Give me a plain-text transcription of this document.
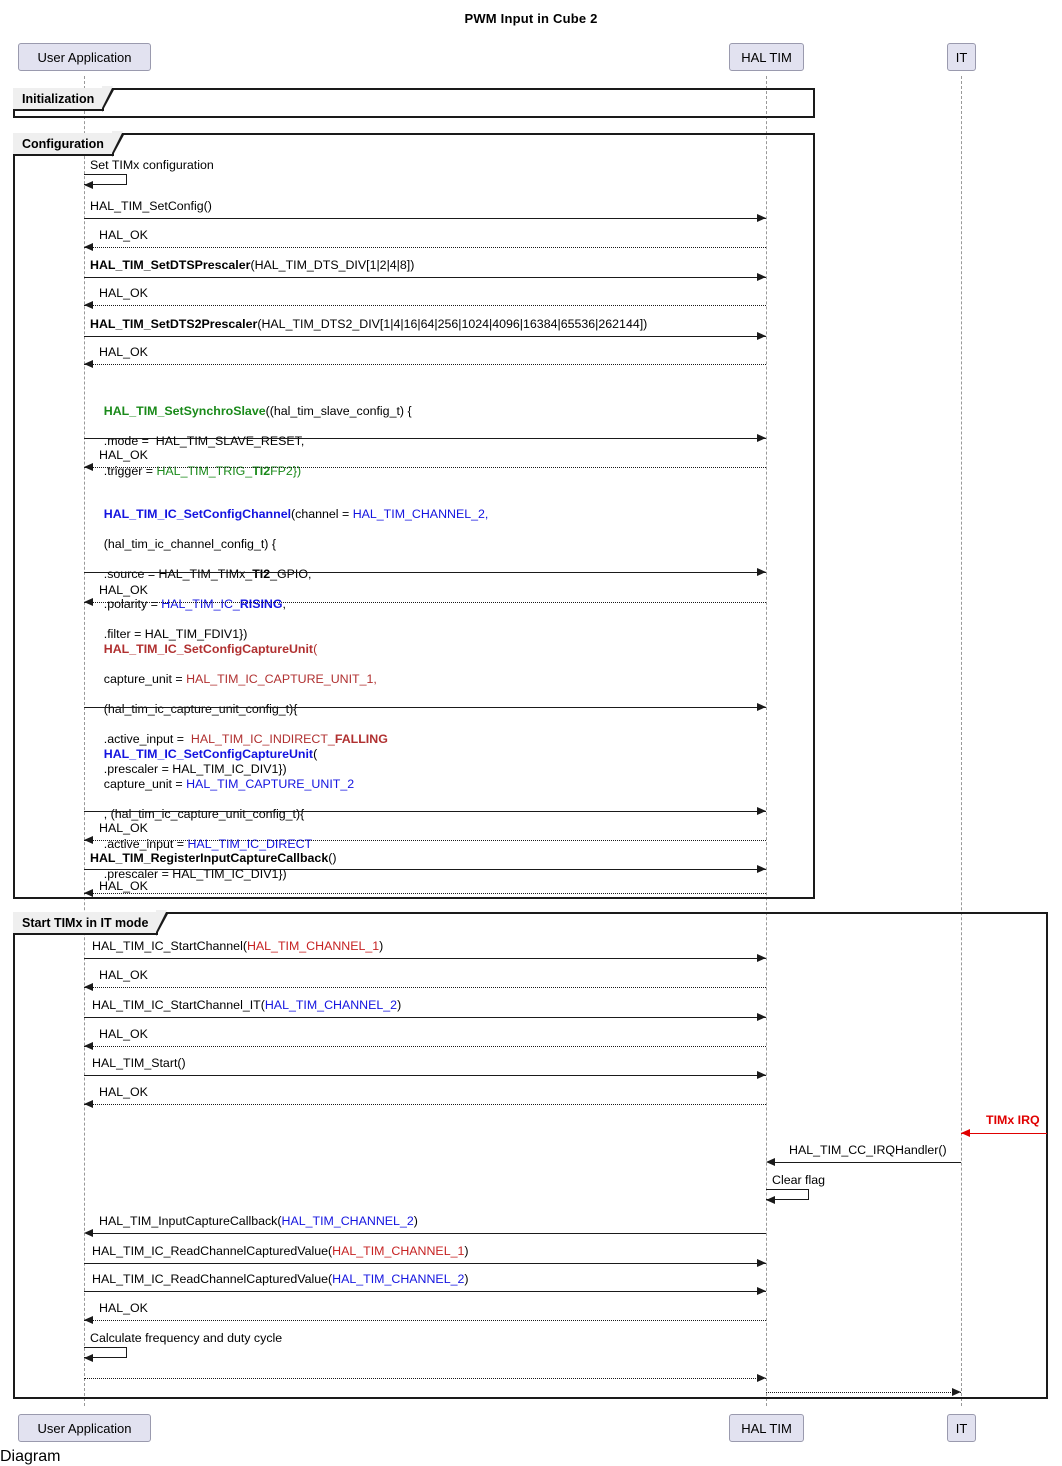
PWM Input in Cube 2
User Application	HAL TIM	IT
User Application	HAL TIM	IT
Initialization
Configuration
Set TIMx configuration
HAL_TIM_SetConfig()
HAL_OK
HAL_TIM_SetDTSPrescaler(HAL_TIM_DTS_DIV[1|2|4|8])
HAL_OK
HAL_TIM_SetDTS2Prescaler(HAL_TIM_DTS2_DIV[1|4|16|64|256|1024|4096|16384|65536|262144])
HAL_OK

HAL_TIM_SetSynchroSlave((hal_tim_slave_config_t) {

.mode =  HAL_TIM_SLAVE_RESET,

.trigger = HAL_TIM_TRIG_TI2FP2})

HAL_OK

HAL_TIM_IC_SetConfigChannel(channel = HAL_TIM_CHANNEL_2,

(hal_tim_ic_channel_config_t) {

.source = HAL_TIM_TIMx_TI2_GPIO,

.polarity = HAL_TIM_IC_RISING,

.filter = HAL_TIM_FDIV1})

HAL_OK

HAL_TIM_IC_SetConfigCaptureUnit(

capture_unit = HAL_TIM_IC_CAPTURE_UNIT_1,

(hal_tim_ic_capture_unit_config_t){

.active_input =  HAL_TIM_IC_INDIRECT_FALLING

.prescaler = HAL_TIM_IC_DIV1})

HAL_TIM_IC_SetConfigCaptureUnit(

capture_unit = HAL_TIM_CAPTURE_UNIT_2

, (hal_tim_ic_capture_unit_config_t){

.active_input = HAL_TIM_IC_DIRECT

.prescaler = HAL_TIM_IC_DIV1})

HAL_OK
HAL_TIM_RegisterInputCaptureCallback()
HAL_OK
Start TIMx in IT mode
HAL_TIM_IC_StartChannel(HAL_TIM_CHANNEL_1)
HAL_OK
HAL_TIM_IC_StartChannel_IT(HAL_TIM_CHANNEL_2)
HAL_OK
HAL_TIM_Start()
HAL_OK
TIMx IRQ
HAL_TIM_CC_IRQHandler()
Clear flag
HAL_TIM_InputCaptureCallback(HAL_TIM_CHANNEL_2)
HAL_TIM_IC_ReadChannelCapturedValue(HAL_TIM_CHANNEL_1)
HAL_TIM_IC_ReadChannelCapturedValue(HAL_TIM_CHANNEL_2)
HAL_OK
Calculate frequency and duty cycle
Diagram
